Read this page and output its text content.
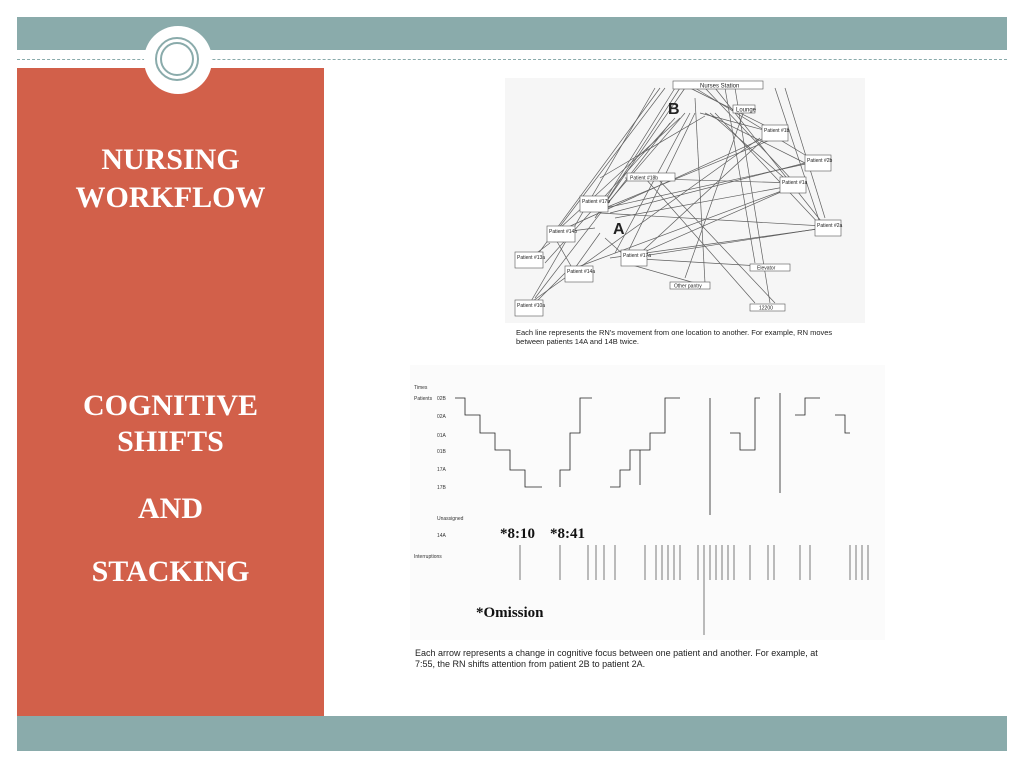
NURSING
WORKFLOW
COGNITIVE
SHIFTS
AND
STACKING
Nurses Station
Lounge
Patient #1b
Patient #2b
Patient #1a
Patient #2a
Patient #18b
Patient #17b
Patient #14b
Patient #13a	Patient #17a
Patient #14a
Patient #10a
Elevator
Other pantry
12200
B
A
Each line represents the RN's movement from one location to another. For example, RN moves between patients 14A and 14B twice.
Times
Patients 02B
02A
01A
01B
17A
17B
Unassigned
14A
Interruptions
*8:10 *8:41
*Omission
Each arrow represents a change in cognitive focus between one patient and another. For example, at 7:55, the RN shifts attention from patient 2B to patient 2A.
